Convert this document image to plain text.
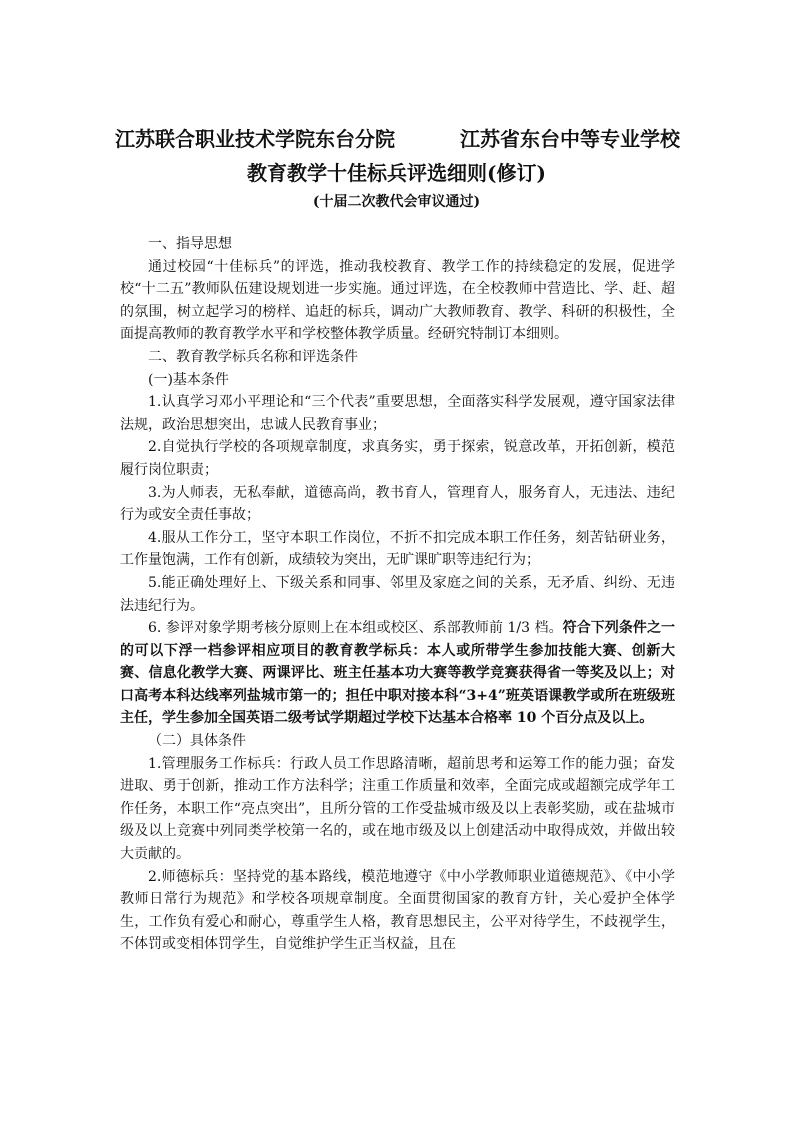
江苏联合职业技术学院东台分院	江苏省东台中等专业学校
教育教学十佳标兵评选细则(修订)
(十届二次教代会审议通过)

一、指导思想

通过校园“十佳标兵”的评选，推动我校教育、教学工作的持续稳定的发展，促进学校“十二五”教师队伍建设规划进一步实施。通过评选，在全校教师中营造比、学、赶、超的氛围，树立起学习的榜样、追赶的标兵，调动广大教师教育、教学、科研的积极性，全面提高教师的教育教学水平和学校整体教学质量。经研究特制订本细则。

二、教育教学标兵名称和评选条件

(一)基本条件

1.认真学习邓小平理论和“三个代表”重要思想，全面落实科学发展观，遵守国家法律法规，政治思想突出，忠诚人民教育事业；

2.自觉执行学校的各项规章制度，求真务实，勇于探索，锐意改革，开拓创新，模范履行岗位职责；

3.为人师表，无私奉献，道德高尚，教书育人，管理育人，服务育人，无违法、违纪行为或安全责任事故；

4.服从工作分工，坚守本职工作岗位，不折不扣完成本职工作任务，刻苦钻研业务，工作量饱满，工作有创新，成绩较为突出，无旷课旷职等违纪行为；

5.能正确处理好上、下级关系和同事、邻里及家庭之间的关系，无矛盾、纠纷、无违法违纪行为。

6. 参评对象学期考核分原则上在本组或校区、系部教师前 1/3 档。符合下列条件之一的可以下浮一档参评相应项目的教育教学标兵：本人或所带学生参加技能大赛、创新大赛、信息化教学大赛、两课评比、班主任基本功大赛等教学竞赛获得省一等奖及以上；对口高考本科达线率列盐城市第一的；担任中职对接本科“3+4”班英语课教学或所在班级班主任，学生参加全国英语二级考试学期超过学校下达基本合格率 10 个百分点及以上。

（二）具体条件

1.管理服务工作标兵：行政人员工作思路清晰，超前思考和运筹工作的能力强；奋发进取、勇于创新，推动工作方法科学；注重工作质量和效率，全面完成或超额完成学年工作任务，本职工作“亮点突出”，且所分管的工作受盐城市级及以上表彰奖励，或在盐城市级及以上竞赛中列同类学校第一名的，或在地市级及以上创建活动中取得成效，并做出较大贡献的。

2.师德标兵：坚持党的基本路线，模范地遵守《中小学教师职业道德规范》、《中小学教师日常行为规范》和学校各项规章制度。全面贯彻国家的教育方针，关心爱护全体学生，工作负有爱心和耐心，尊重学生人格，教育思想民主，公平对待学生，不歧视学生，不体罚或变相体罚学生，自觉维护学生正当权益，且在
